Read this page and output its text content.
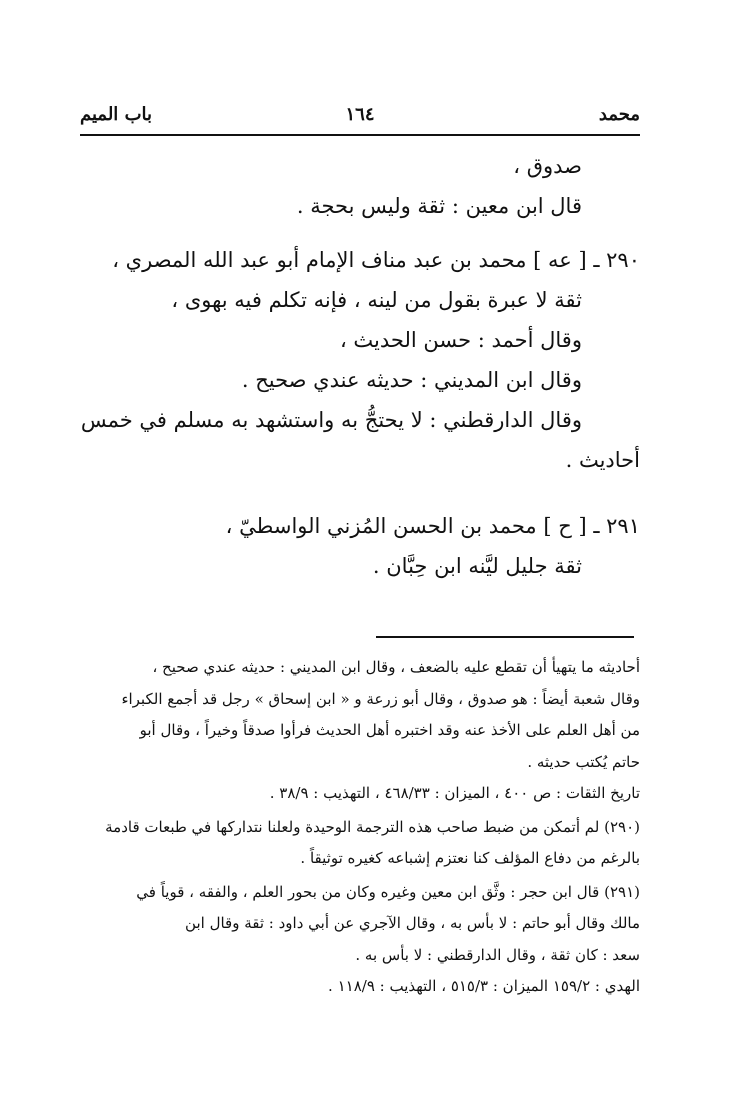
محمد
١٦٤
باب الميم
صدوق ،
قال ابن معين : ثقة وليس بحجة .
٢٩٠ ـ [ عه ] محمد بن عبد مناف الإمام أبو عبد الله المصري ،
ثقة لا عبرة بقول من لينه ، فإنه تكلم فيه بهوى ،
وقال أحمد : حسن الحديث ،
وقال ابن المديني : حديثه عندي صحيح .
وقال الدارقطني : لا يحتجُّ به واستشهد به مسلم في خمس
أحاديث .
٢٩١ ـ [ ح ] محمد بن الحسن المُزني الواسطيّ ،
ثقة جليل ليَّنه ابن حِبَّان .
أحاديثه ما يتهيأ أن تقطع عليه بالضعف ، وقال ابن المديني : حديثه عندي صحيح ،
وقال شعبة أيضاً : هو صدوق ، وقال أبو زرعة و « ابن إسحاق » رجل قد أجمع الكبراء
من أهل العلم على الأخذ عنه وقد اختبره أهل الحديث فرأوا صدقاً وخيراً ، وقال أبو
حاتم يُكتب حديثه .
تاريخ الثقات : ص ٤٠٠ ، الميزان : ٤٦٨/٣٣ ، التهذيب : ٣٨/٩ .
(٢٩٠) لم أتمكن من ضبط صاحب هذه الترجمة الوحيدة ولعلنا نتداركها في طبعات قادمة
بالرغم من دفاع المؤلف كنا نعتزم إشباعه كغيره توثيقاً .
(٢٩١) قال ابن حجر : وثَّق ابن معين وغيره وكان من بحور العلم ، والفقه ، قوياً في
مالك وقال أبو حاتم : لا بأس به ، وقال الآجري عن أبي داود : ثقة وقال ابن
سعد : كان ثقة ، وقال الدارقطني : لا بأس به .
الهدي : ١٥٩/٢ الميزان : ٥١٥/٣ ، التهذيب : ١١٨/٩ .
